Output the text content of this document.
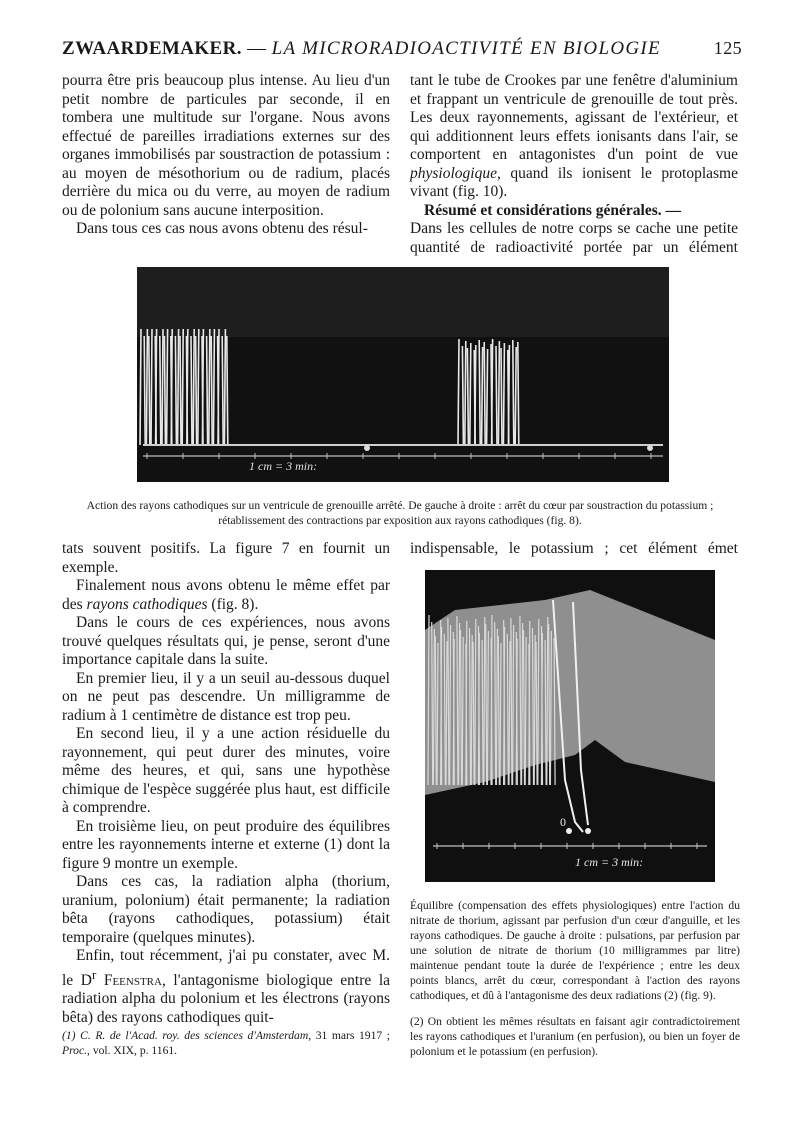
ZWAARDEMAKER. — LA MICRORADIOACTIVITÉ EN BIOLOGIE	125

pourra être pris beaucoup plus intense. Au lieu d'un petit nombre de particules par seconde, il en tombera une multitude sur l'organe. Nous avons effectué de pareilles irradiations externes sur des organes immobilisés par soustraction de potassium : au moyen de mésothorium ou de radium, placés derrière du mica ou du verre, au moyen de radium ou de polonium sans aucune interposition.

Dans tous ces cas nous avons obtenu des résul-

tant le tube de Crookes par une fenêtre d'aluminium et frappant un ventricule de grenouille de tout près. Les deux rayonnements, agissant de l'extérieur, et qui additionnent leurs effets ionisants dans l'air, se comportent en antagonistes d'un point de vue physiologique, quand ils ionisent le protoplasme vivant (fig. 10).

Résumé et considérations générales. —

Dans les cellules de notre corps se cache une petite quantité de radioactivité portée par un élément

1 cm = 3 min:
Action des rayons cathodiques sur un ventricule de grenouille arrêté. De gauche à droite : arrêt du cœur par soustraction du potassium ; rétablissement des contractions par exposition aux rayons cathodiques (fig. 8).

tats souvent positifs. La figure 7 en fournit un exemple.

Finalement nous avons obtenu le même effet par des rayons cathodiques (fig. 8).

Dans le cours de ces expériences, nous avons trouvé quelques résultats qui, je pense, seront d'une importance capitale dans la suite.

En premier lieu, il y a un seuil au-dessous duquel on ne peut pas descendre. Un milligramme de radium à 1 centimètre de distance est trop peu.

En second lieu, il y a une action résiduelle du rayonnement, qui peut durer des minutes, voire même des heures, et qui, sans une hypothèse chimique de l'espèce suggérée plus haut, est difficile à comprendre.

En troisième lieu, on peut produire des équilibres entre les rayonnements interne et externe (1) dont la figure 9 montre un exemple.

Dans ces cas, la radiation alpha (thorium, uranium, polonium) était permanente; la radiation bêta (rayons cathodiques, potassium) était temporaire (quelques minutes).

Enfin, tout récemment, j'ai pu constater, avec M. le $D^r$ Feenstra, l'antagonisme biologique entre la radiation alpha du polonium et les électrons (rayons bêta) des rayons cathodiques quit-

(1) C. R. de l'Acad. roy. des sciences d'Amsterdam, 31 mars 1917 ; Proc., vol. XIX, p. 1161.

indispensable, le potassium ; cet élément émet

0
1 cm = 3 min:
Équilibre (compensation des effets physiologiques) entre l'action du nitrate de thorium, agissant par perfusion d'un cœur d'anguille, et les rayons cathodiques. De gauche à droite : pulsations, par perfusion par une solution de nitrate de thorium (10 milligrammes par litre) maintenue pendant toute la durée de l'expérience ; entre les deux points blancs, arrêt du cœur, correspondant à l'action des rayons cathodiques, et dû à l'antagonisme des deux radiations (2) (fig. 9).
(2) On obtient les mêmes résultats en faisant agir contradictoirement les rayons cathodiques et l'uranium (en perfusion), ou bien un foyer de polonium et le potassium (en perfusion).
